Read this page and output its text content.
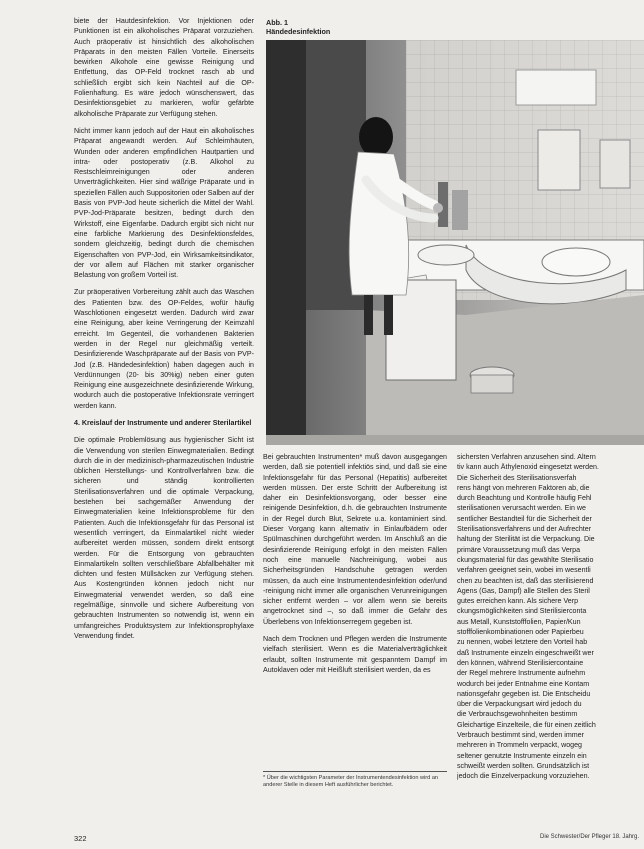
biete der Hautdesinfektion. Vor Injektionen oder Punktionen ist ein alkoholisches Präparat vorzuziehen. Auch präoperativ ist hinsichtlich des alkoholischen Präparats in den meisten Fällen Vorteile. Einerseits bewirken Alkohole eine gewisse Reinigung und Entfettung, das OP-Feld trocknet rasch ab und schließlich ergibt sich kein Nachteil auf die OP-Folienhaftung. Es wäre jedoch wünschenswert, das Desinfektionsgebiet zu markieren, wofür gefärbte alkoholische Präparate zur Verfügung stehen.

Nicht immer kann jedoch auf der Haut ein alkoholisches Präparat angewandt werden. Auf Schleimhäuten, Wunden oder anderen empfindlichen Hautpartien und intra- oder postoperativ (z.B. Alkohol zu Restschleimreinigungen oder anderen Unverträglichkeiten. Hier sind wäßrige Präparate und in speziellen Fällen auch Suppositorien oder Salben auf der Basis von PVP-Jod heute sicherlich die Mittel der Wahl. PVP-Jod-Präparate besitzen, bedingt durch den Wirkstoff, eine Eigenfarbe. Dadurch ergibt sich nicht nur eine farbliche Markierung des Desinfektionsfeldes, sondern gleichzeitig, bedingt durch die chemischen Eigenschaften von PVP-Jod, ein Wirksamkeitsindikator, der vor allem auf Flächen mit starker organischer Belastung von großem Vorteil ist.

Zur präoperativen Vorbereitung zählt auch das Waschen des Patienten bzw. des OP-Feldes, wofür häufig Waschlotionen eingesetzt werden. Dadurch wird zwar eine Reinigung, aber keine Verringerung der Keimzahl erreicht. Im Gegenteil, die vorhandenen Bakterien werden in der Regel nur gleichmäßig verteilt. Desinfizierende Waschpräparate auf der Basis von PVP-Jod (z.B. Händedesinfektion) haben dagegen auch in Verdünnungen (20- bis 30%ig) neben einer guten Reinigung eine ausgezeichnete desinfizierende Wirkung, wodurch auch die postoperative Infektionsrate verringert werden kann.

4. Kreislauf der Instrumente und anderer Sterilartikel

Die optimale Problemlösung aus hygienischer Sicht ist die Verwendung von sterilen Einwegmaterialien. Bedingt durch die in der medizinisch-pharmazeutischen Industrie üblichen Herstellungs- und Kontrollverfahren bzw. die sicheren und ständig kontrollierten Sterilisationsverfahren und die optimale Verpackung, bestehen bei sachgemäßer Anwendung der Einwegmaterialien keine Infektionsprobleme für den Patienten. Auch die Infektionsgefahr für das Personal ist wesentlich verringert, da Einmalartikel nicht wieder aufbereitet werden müssen, sondern direkt entsorgt werden. Für die Entsorgung von gebrauchten Einmalartikeln sollten verschließbare Abfallbehälter mit dichten und festen Müllsäcken zur Verfügung stehen. Aus Kostengründen können jedoch nicht nur Einwegmaterial verwendet werden, so daß eine regelmäßige, sinnvolle und sichere Aufbereitung von gebrauchten Instrumenten so notwendig ist, wenn ein umfangreiches Produktsystem zur Infektionsprophylaxe Verwendung findet.

Abb. 1
Händedesinfektion

Bei gebrauchten Instrumenten* muß davon ausgegangen werden, daß sie potentiell infektiös sind, und daß sie eine Infektionsgefahr für das Personal (Hepatitis) aufbereitet werden müssen. Der erste Schritt der Aufbereitung ist daher ein Desinfektionsvorgang, oder besser eine reinigende Desinfektion, d.h. die gebrauchten Instrumente in der Regel durch Blut, Sekrete u.a. kontaminiert sind. Dieser Vorgang kann alternativ in Einlaufbädern oder Spülmaschinen durchgeführt werden. Im Anschluß an die desinfizierende Reinigung erfolgt in den meisten Fällen noch eine manuelle Nachreinigung, wobei aus Sicherheitsgründen Handschuhe getragen werden müssen, da auch eine Instrumentendesinfektion oder/und -reinigung nicht immer alle organischen Verunreinigungen sicher entfernt werden – vor allem wenn sie bereits angetrocknet sind –, so daß immer die Gefahr des Überlebens von Infektionserregern gegeben ist.

Nach dem Trocknen und Pflegen werden die Instrumente vielfach sterilisiert. Wenn es die Materialverträglichkeit erlaubt, sollten Instrumente mit gespanntem Dampf im Autoklaven oder mit Heißluft sterilisiert werden, da es

* Über die wichtigsten Parameter der Instrumentendesinfektion wird an anderer Stelle in diesem Heft ausführlicher berichtet.

sichersten Verfahren anzusehen sind. Altern

tiv kann auch Äthylenoxid eingesetzt werden.

Die Sicherheit des Sterilisationsverfah

rens hängt von mehreren Faktoren ab, die

durch Beachtung und Kontrolle häufig Fehl

sterilisationen verursacht werden. Ein we

sentlicher Bestandteil für die Sicherheit der

Sterilisationsverfahrens und der Aufrechter

haltung der Sterilität ist die Verpackung. Die

primäre Voraussetzung muß das Verpa

ckungsmaterial für das gewählte Sterilisatio

verfahren geeignet sein, wobei im wesentli

chen zu beachten ist, daß das sterilisierend

Agens (Gas, Dampf) alle Stellen des Steril

gutes erreichen kann. Als sichere Verp

ckungsmöglichkeiten sind Sterilisierconta

aus Metall, Kunststofffolien, Papier/Kun

stofffolienkombinationen oder Papierbeu

zu nennen, wobei letztere den Vorteil hab

daß Instrumente einzeln eingeschweißt wer

den können, während Sterilisiercontaine

der Regel mehrere Instrumente aufnehm

wodurch bei jeder Entnahme eine Kontam

nationsgefahr gegeben ist. Die Entscheidu

über die Verpackungsart wird jedoch du

die Verbrauchsgewohnheiten bestimm

Gleichartige Einzelteile, die für einen zeitlich

Verbrauch bestimmt sind, werden immer

mehreren in Trommeln verpackt, wogeg

seltener genutzte Instrumente einzeln ein

schweißt werden sollten. Grundsätzlich ist

jedoch die Einzelverpackung vorzuziehen.

322	Die Schwester/Der Pfleger 18. Jahrg.
